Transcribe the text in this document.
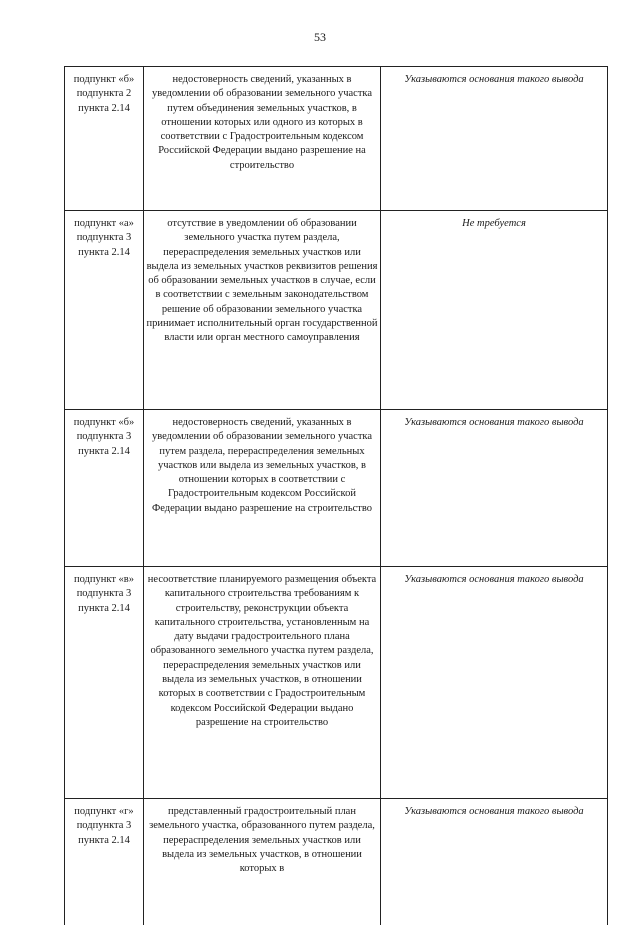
53
подпункт «б» подпункта 2 пункта 2.14	недостоверность сведений, указанных в уведомлении об образовании земельного участка путем объединения земельных участков, в отношении которых или одного из которых в соответствии с Градостроительным кодексом Российской Федерации выдано разрешение на строительство	Указываются основания такого вывода
подпункт «а» подпункта 3 пункта 2.14	отсутствие в уведомлении об образовании земельного участка путем раздела, перераспределения земельных участков или выдела из земельных участков реквизитов решения об образовании земельных участков в случае, если в соответствии с земельным законодательством решение об образовании земельного участка принимает исполнительный орган государственной власти или орган местного самоуправления	Не требуется
подпункт «б» подпункта 3 пункта 2.14	недостоверность сведений, указанных в уведомлении об образовании земельного участка путем раздела, перераспределения земельных участков или выдела из земельных участков, в отношении которых в соответствии с Градостроительным кодексом Российской Федерации выдано разрешение на строительство	Указываются основания такого вывода
подпункт «в» подпункта 3 пункта 2.14	несоответствие планируемого размещения объекта капитального строительства требованиям к строительству, реконструкции объекта капитального строительства, установленным на дату выдачи градостроительного плана образованного земельного участка путем раздела, перераспределения земельных участков или выдела из земельных участков, в отношении которых в соответствии с Градостроительным кодексом Российской Федерации выдано разрешение на строительство	Указываются основания такого вывода
подпункт «г» подпункта 3 пункта 2.14	представленный градостроительный план земельного участка, образованного путем раздела, перераспределения земельных участков или выдела из земельных участков, в отношении которых в	Указываются основания такого вывода
